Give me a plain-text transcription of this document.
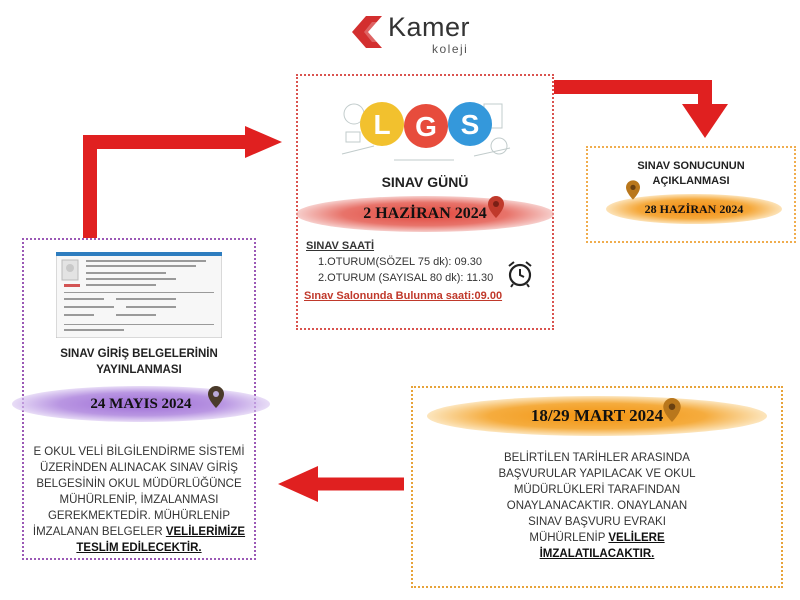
Kamer
koleji
L G S
SINAV GÜNÜ
2 HAZİRAN 2024
SINAV SAATİ
1.OTURUM(SÖZEL 75 dk): 09.30
2.OTURUM (SAYISAL 80 dk): 11.30
Sınav Salonunda Bulunma saati:09.00
SINAV SONUCUNUN
AÇIKLANMASI
28 HAZİRAN 2024
SINAV GİRİŞ BELGELERİNİN
YAYINLANMASI
24 MAYIS 2024
E OKUL VELİ BİLGİLENDİRME SİSTEMİ
ÜZERİNDEN ALINACAK SINAV GİRİŞ
BELGESİNİN OKUL MÜDÜRLÜĞÜNCE
MÜHÜRLENİP, İMZALANMASI
GEREKMEKTEDİR. MÜHÜRLENİP
İMZALANAN BELGELER VELİLERİMİZE
TESLİM EDİLECEKTİR.
18/29 MART 2024
BELİRTİLEN TARİHLER ARASINDA
BAŞVURULAR YAPILACAK VE OKUL
MÜDÜRLÜKLERİ TARAFINDAN
ONAYLANACAKTIR. ONAYLANAN
SINAV BAŞVURU EVRAKI
MÜHÜRLENİP VELİLERE
İMZALATILACAKTIR.
